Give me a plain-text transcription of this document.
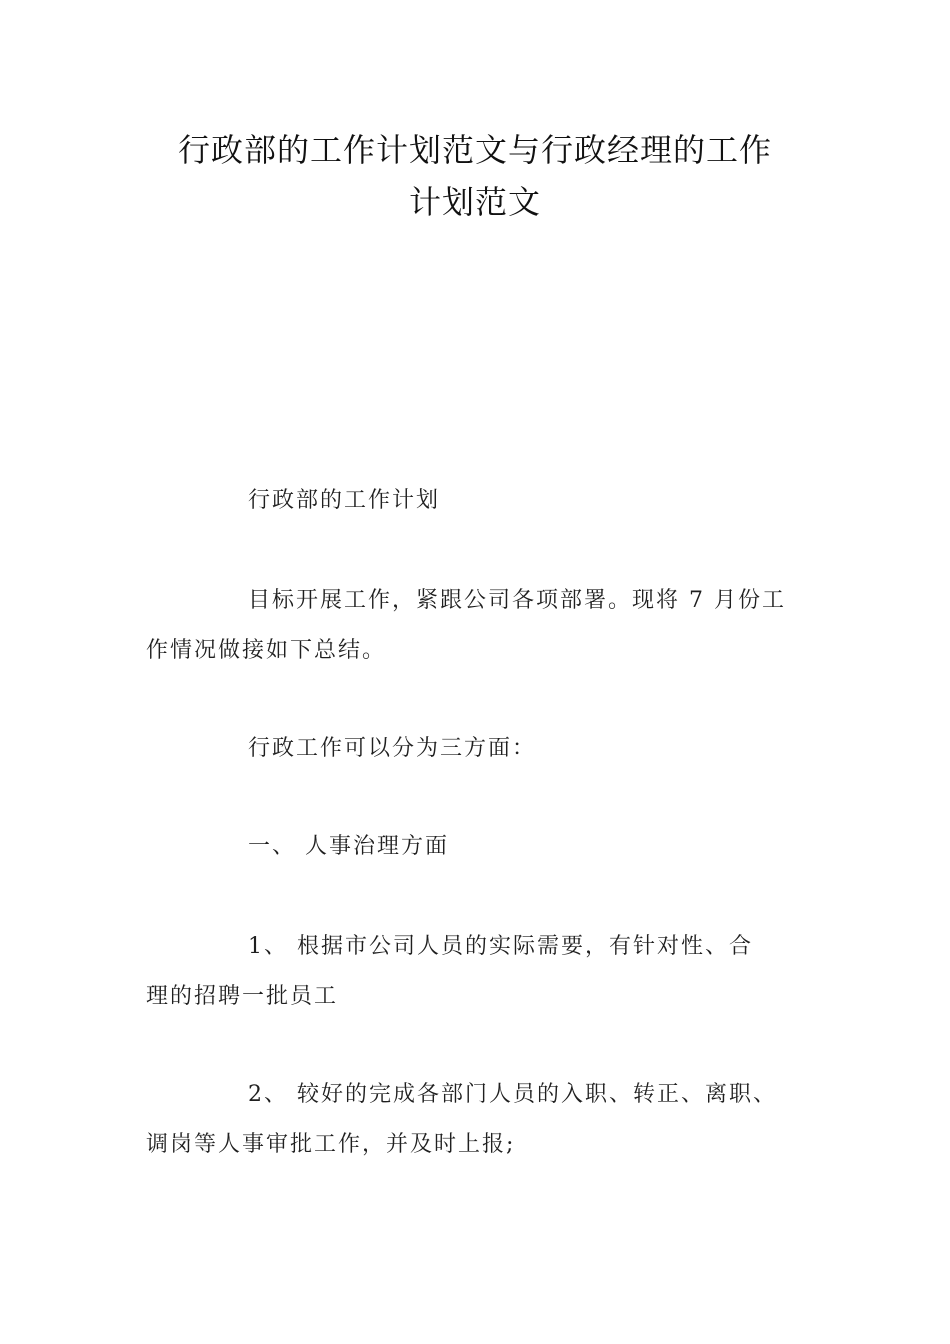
行政部的工作计划范文与行政经理的工作
计划范文
行政部的工作计划
目标开展工作，紧跟公司各项部署。现将 7 月份工
作情况做接如下总结。
行政工作可以分为三方面：
一、 人事治理方面
1、 根据市公司人员的实际需要，有针对性、合
理的招聘一批员工
2、 较好的完成各部门人员的入职、转正、离职、
调岗等人事审批工作，并及时上报;
